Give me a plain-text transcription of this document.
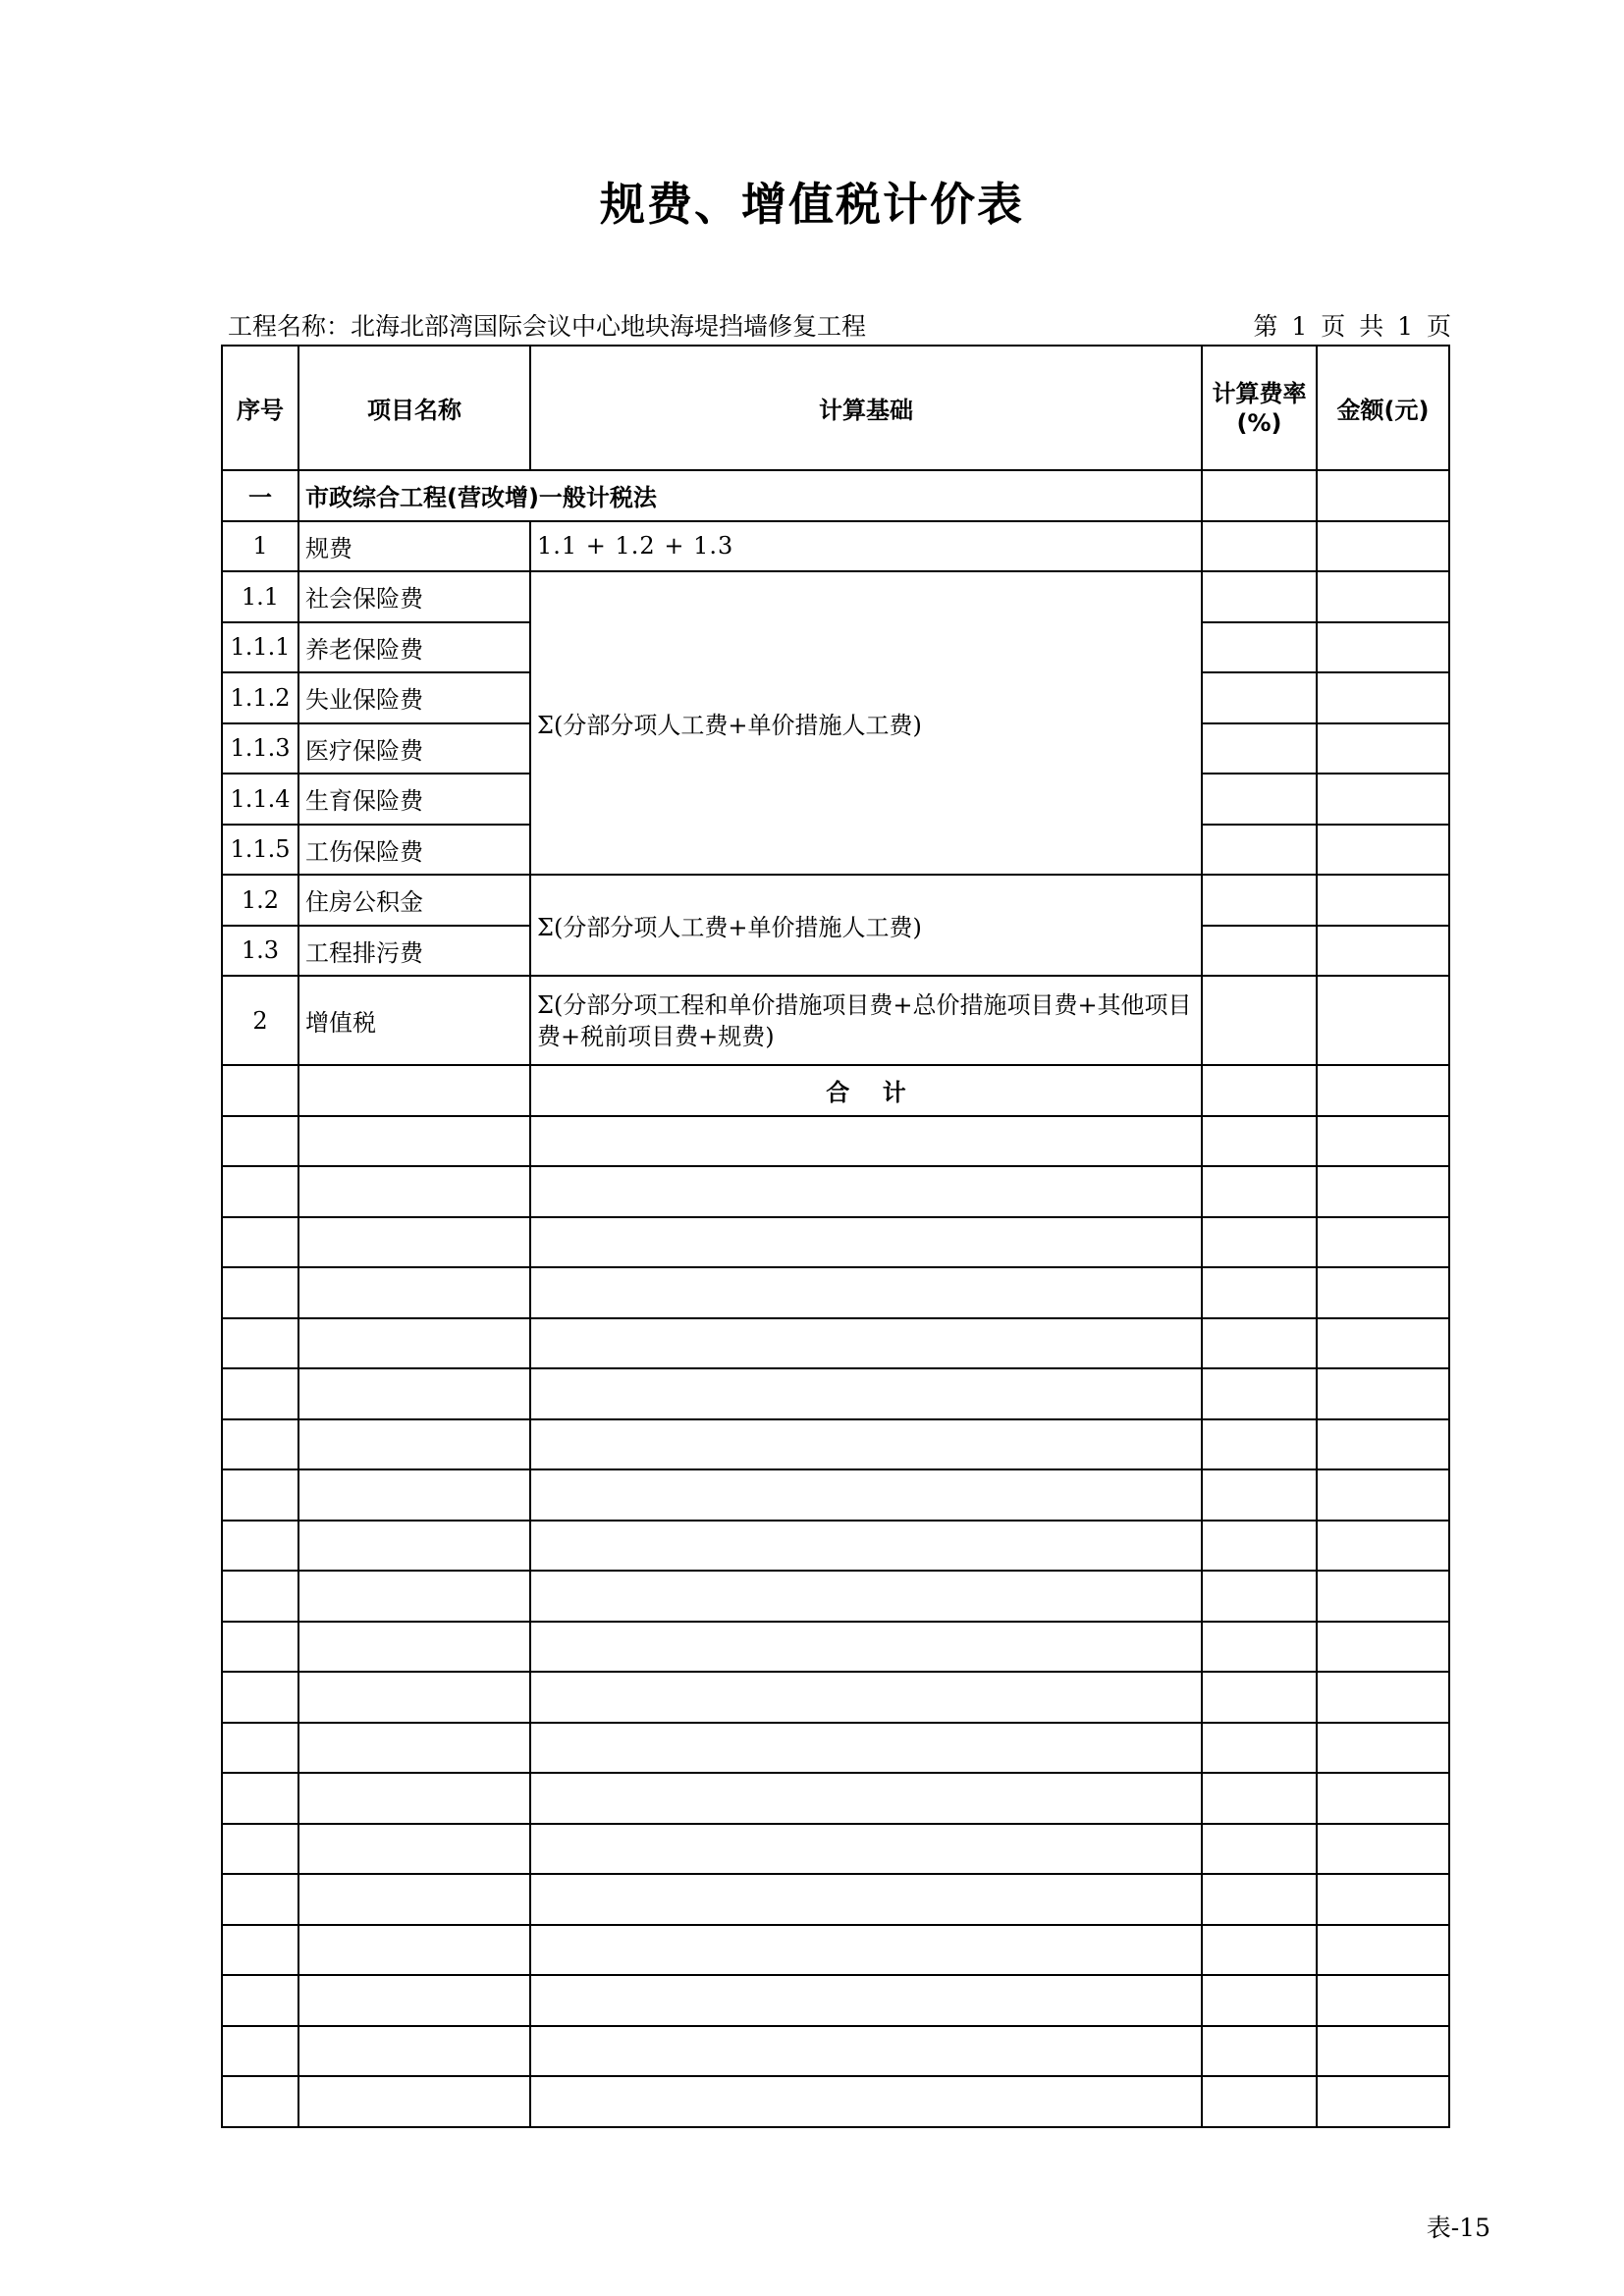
规费、增值税计价表
工程名称：北海北部湾国际会议中心地块海堤挡墙修复工程	第 1 页 共 1 页
序号	项目名称	计算基础	计算费率(%)	金额(元)
一	市政综合工程(营改增)一般计税法			
1	规费	1.1 + 1.2 + 1.3		
1.1	社会保险费	Σ(分部分项人工费+单价措施人工费)		
1.1.1	养老保险费			
1.1.2	失业保险费			
1.1.3	医疗保险费			
1.1.4	生育保险费			
1.1.5	工伤保险费			
1.2	住房公积金	Σ(分部分项人工费+单价措施人工费)		
1.3	工程排污费			
2	增值税	Σ(分部分项工程和单价措施项目费+总价措施项目费+其他项目费+税前项目费+规费)		
		合    计		

表-15
